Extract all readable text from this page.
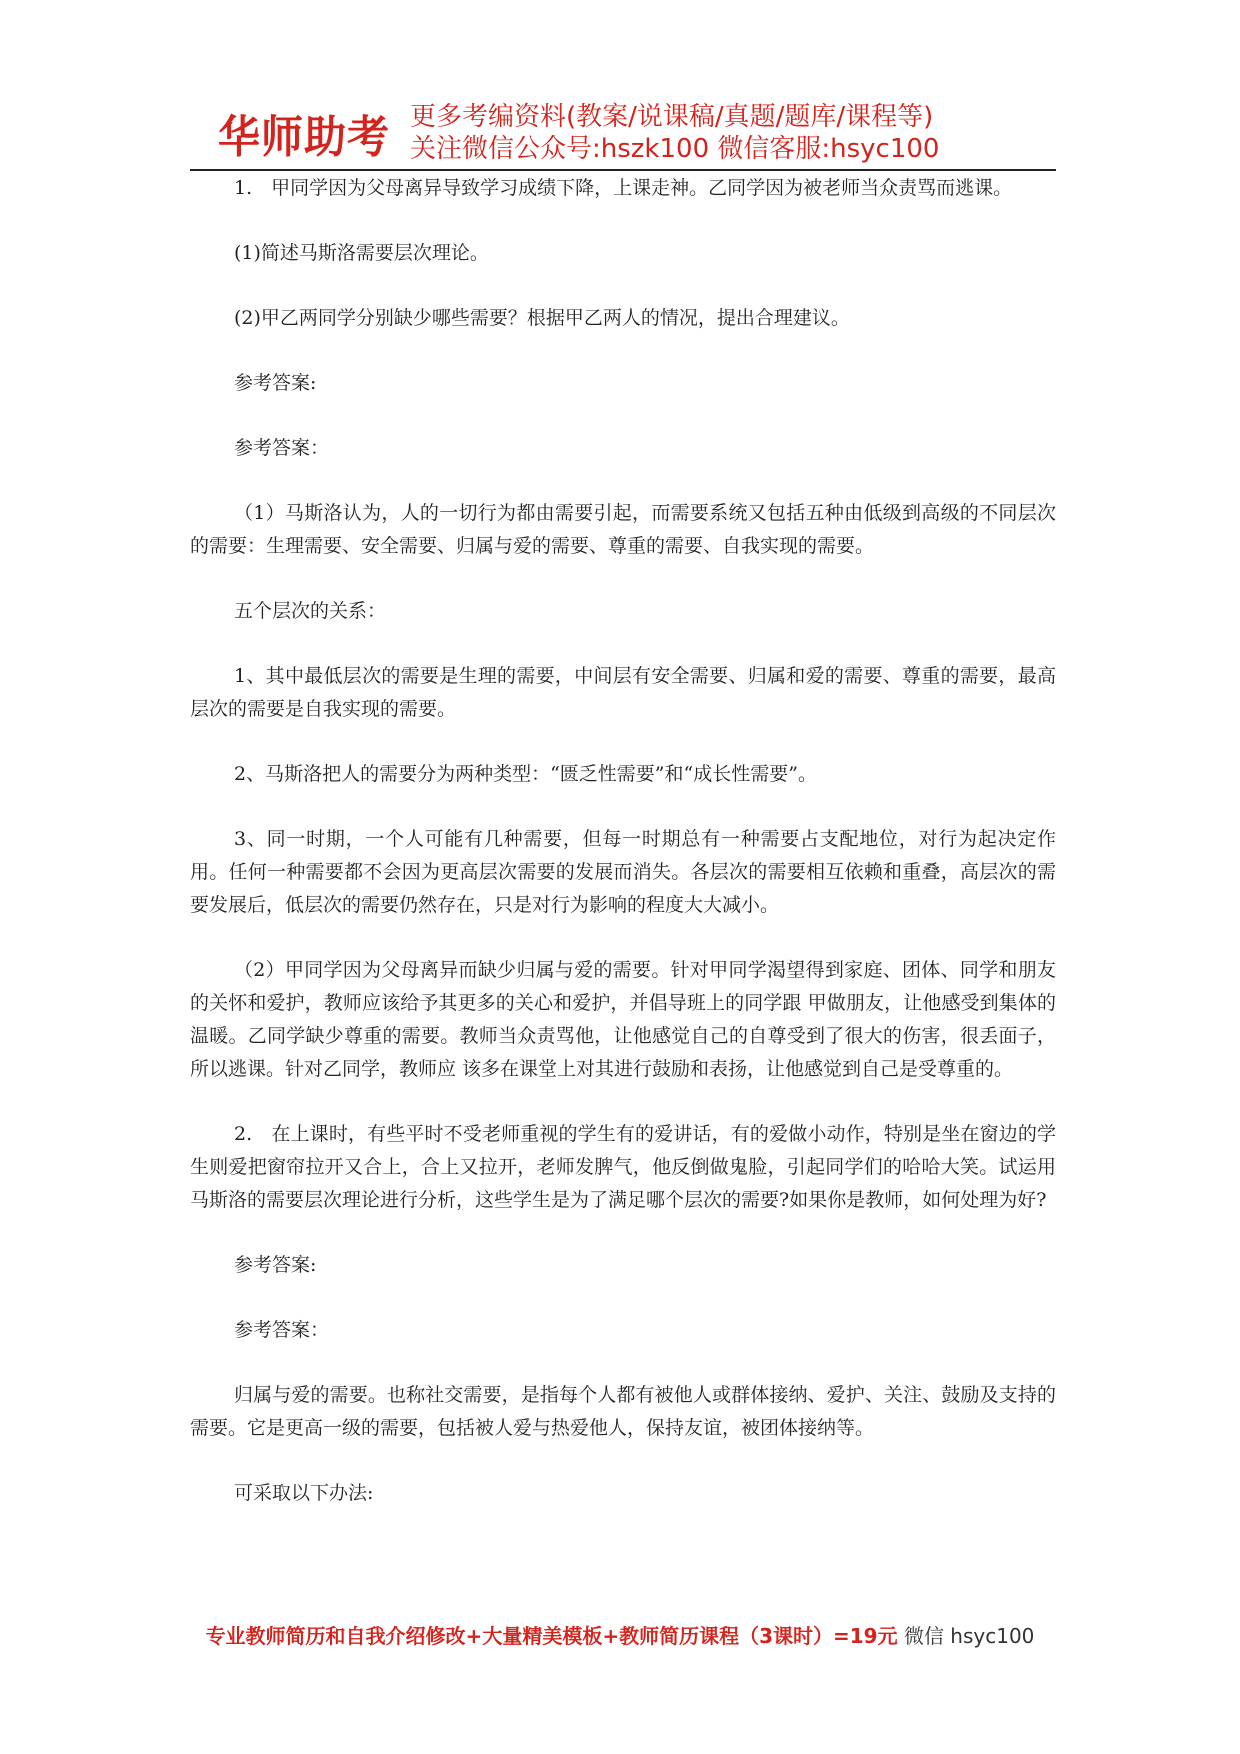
华师助考 更多考编资料(教案/说课稿/真题/题库/课程等)
关注微信公众号:hszk100 微信客服:hsyc100

1.　甲同学因为父母离异导致学习成绩下降，上课走神。乙同学因为被老师当众责骂而逃课。

(1)简述马斯洛需要层次理论。

(2)甲乙两同学分别缺少哪些需要？根据甲乙两人的情况，提出合理建议。

参考答案:

参考答案：

（1）马斯洛认为，人的一切行为都由需要引起，而需要系统又包括五种由低级到高级的不同层次的需要：生理需要、安全需要、归属与爱的需要、尊重的需要、自我实现的需要。

五个层次的关系：

1、其中最低层次的需要是生理的需要，中间层有安全需要、归属和爱的需要、尊重的需要，最高层次的需要是自我实现的需要。

2、马斯洛把人的需要分为两种类型：“匮乏性需要”和“成长性需要”。

3、同一时期，一个人可能有几种需要，但每一时期总有一种需要占支配地位，对行为起决定作用。任何一种需要都不会因为更高层次需要的发展而消失。各层次的需要相互依赖和重叠，高层次的需要发展后，低层次的需要仍然存在，只是对行为影响的程度大大减小。

（2）甲同学因为父母离异而缺少归属与爱的需要。针对甲同学渴望得到家庭、团体、同学和朋友的关怀和爱护，教师应该给予其更多的关心和爱护，并倡导班上的同学跟 甲做朋友，让他感受到集体的温暖。乙同学缺少尊重的需要。教师当众责骂他，让他感觉自己的自尊受到了很大的伤害，很丢面子，所以逃课。针对乙同学，教师应 该多在课堂上对其进行鼓励和表扬，让他感觉到自己是受尊重的。

2.　在上课时，有些平时不受老师重视的学生有的爱讲话，有的爱做小动作，特别是坐在窗边的学生则爱把窗帘拉开又合上，合上又拉开，老师发脾气，他反倒做鬼脸，引起同学们的哈哈大笑。试运用马斯洛的需要层次理论进行分析，这些学生是为了满足哪个层次的需要?如果你是教师，如何处理为好?

参考答案:

参考答案：

归属与爱的需要。也称社交需要，是指每个人都有被他人或群体接纳、爱护、关注、鼓励及支持的需要。它是更高一级的需要，包括被人爱与热爱他人，保持友谊，被团体接纳等。

可采取以下办法:

专业教师简历和自我介绍修改+大量精美模板+教师简历课程（3课时）=19元 微信 hsyc100
